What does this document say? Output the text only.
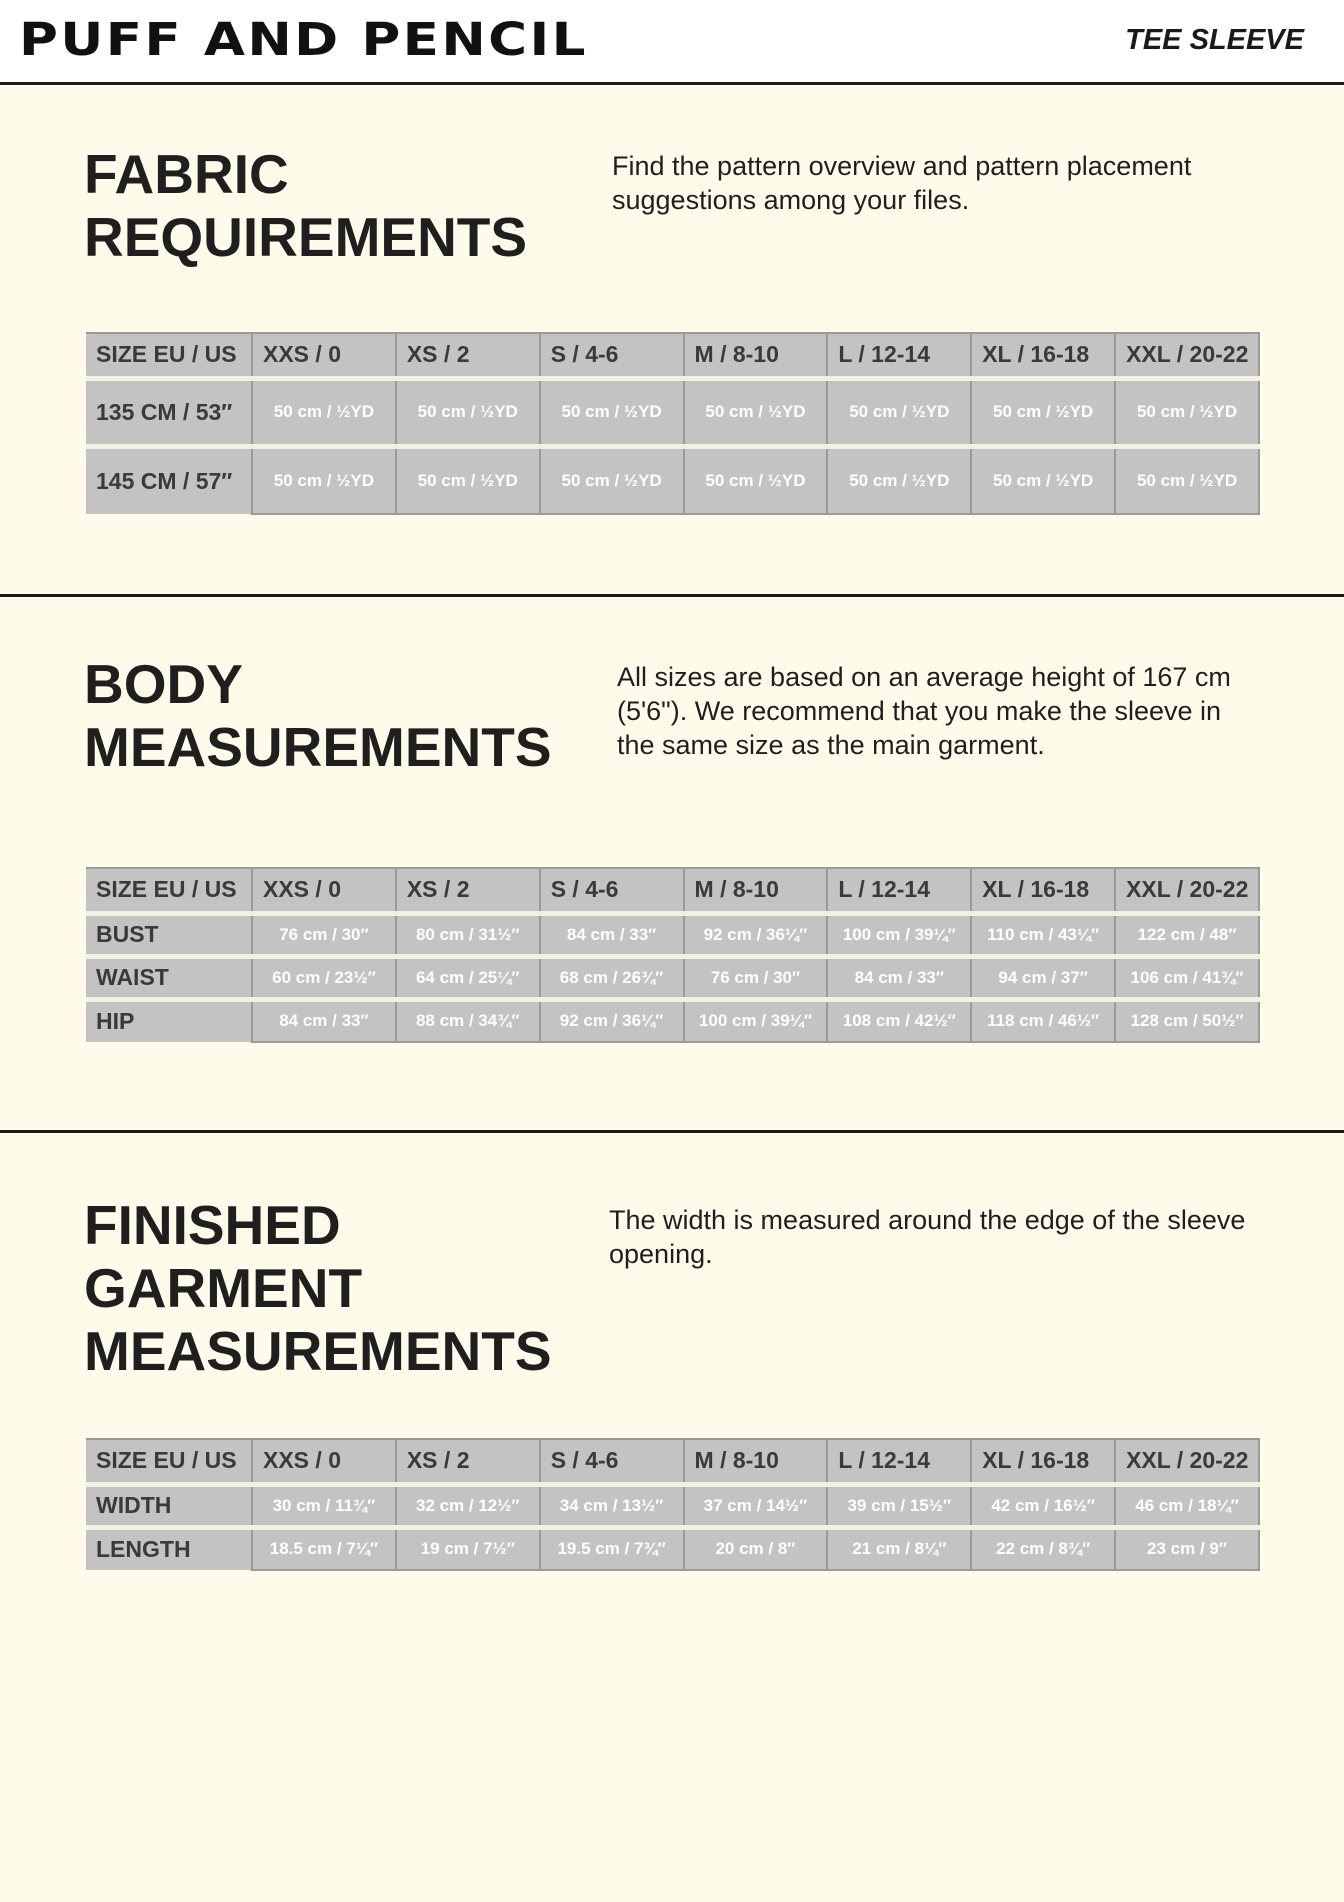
PUFF AND PENCIL	TEE SLEEVE
FABRIC
REQUIREMENTS

Find the pattern overview and pattern placement suggestions among your files.

SIZE EU / US	XXS / 0	XS / 2	S / 4-6	M / 8-10	L / 12-14	XL / 16-18	XXL / 20-22
135 CM / 53″	50 cm / ½YD	50 cm / ½YD	50 cm / ½YD	50 cm / ½YD	50 cm / ½YD	50 cm / ½YD	50 cm / ½YD
145 CM / 57″	50 cm / ½YD	50 cm / ½YD	50 cm / ½YD	50 cm / ½YD	50 cm / ½YD	50 cm / ½YD	50 cm / ½YD
BODY
MEASUREMENTS

All sizes are based on an average height of 167 cm (5'6"). We recommend that you make the sleeve in the same size as the main garment.

SIZE EU / US	XXS / 0	XS / 2	S / 4-6	M / 8-10	L / 12-14	XL / 16-18	XXL / 20-22
BUST	76 cm / 30″	80 cm / 31½″	84 cm / 33″	92 cm / 36¼″	100 cm / 39¼″	110 cm / 43¼″	122 cm / 48″
WAIST	60 cm / 23½″	64 cm / 25¼″	68 cm / 26¾″	76 cm / 30″	84 cm / 33″	94 cm / 37″	106 cm / 41¾″
HIP	84 cm / 33″	88 cm / 34¾″	92 cm / 36¼″	100 cm / 39¼″	108 cm / 42½″	118 cm / 46½″	128 cm / 50½″
FINISHED
GARMENT
MEASUREMENTS

The width is measured around the edge of the sleeve opening.

SIZE EU / US	XXS / 0	XS / 2	S / 4-6	M / 8-10	L / 12-14	XL / 16-18	XXL / 20-22
WIDTH	30 cm / 11¾″	32 cm / 12½″	34 cm / 13½″	37 cm / 14½″	39 cm / 15½″	42 cm / 16½″	46 cm / 18¼″
LENGTH	18.5 cm / 7¼″	19 cm / 7½″	19.5 cm / 7¾″	20 cm / 8″	21 cm / 8¼″	22 cm / 8¾″	23 cm / 9″
